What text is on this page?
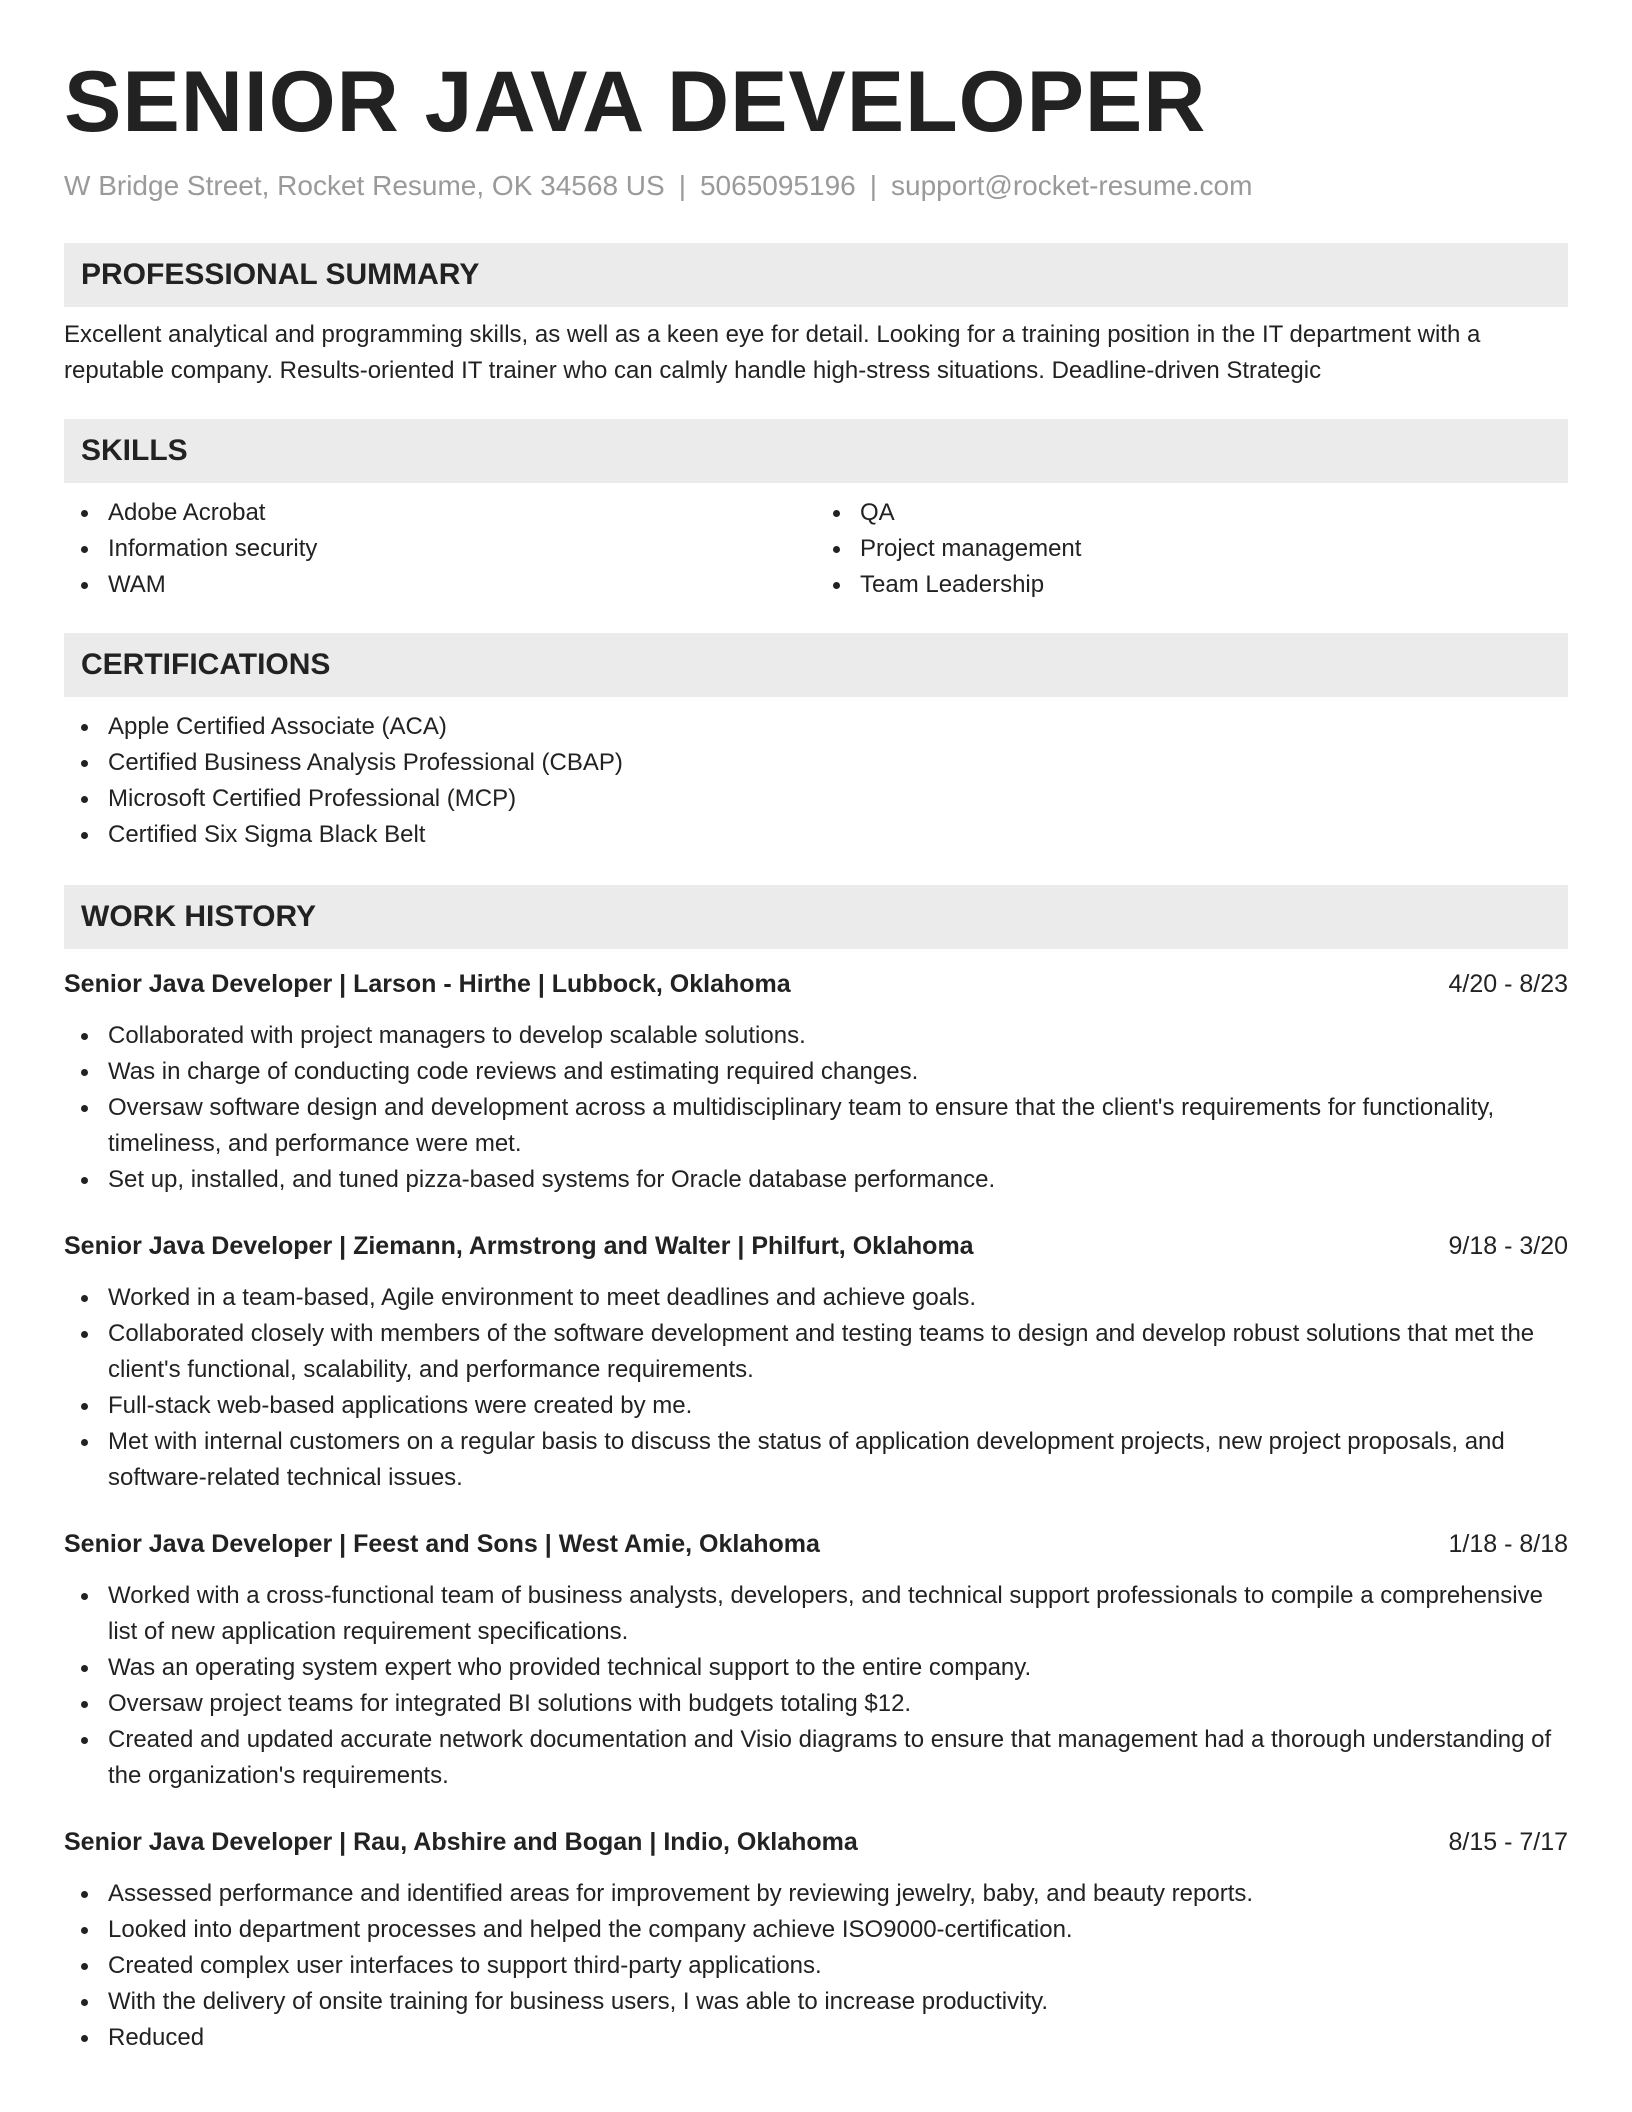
SENIOR JAVA DEVELOPER
W Bridge Street, Rocket Resume, OK 34568 US | 5065095196 | support@rocket-resume.com
PROFESSIONAL SUMMARY
Excellent analytical and programming skills, as well as a keen eye for detail. Looking for a training position in the IT department with a reputable company. Results-oriented IT trainer who can calmly handle high-stress situations. Deadline-driven Strategic
SKILLS
Adobe Acrobat
Information security
WAM
QA
Project management
Team Leadership
CERTIFICATIONS
Apple Certified Associate (ACA)
Certified Business Analysis Professional (CBAP)
Microsoft Certified Professional (MCP)
Certified Six Sigma Black Belt
WORK HISTORY
Senior Java Developer | Larson - Hirthe | Lubbock, Oklahoma	4/20 - 8/23
Collaborated with project managers to develop scalable solutions.
Was in charge of conducting code reviews and estimating required changes.
Oversaw software design and development across a multidisciplinary team to ensure that the client's requirements for functionality, timeliness, and performance were met.
Set up, installed, and tuned pizza-based systems for Oracle database performance.
Senior Java Developer | Ziemann, Armstrong and Walter | Philfurt, Oklahoma	9/18 - 3/20
Worked in a team-based, Agile environment to meet deadlines and achieve goals.
Collaborated closely with members of the software development and testing teams to design and develop robust solutions that met the client's functional, scalability, and performance requirements.
Full-stack web-based applications were created by me.
Met with internal customers on a regular basis to discuss the status of application development projects, new project proposals, and software-related technical issues.
Senior Java Developer | Feest and Sons | West Amie, Oklahoma	1/18 - 8/18
Worked with a cross-functional team of business analysts, developers, and technical support professionals to compile a comprehensive list of new application requirement specifications.
Was an operating system expert who provided technical support to the entire company.
Oversaw project teams for integrated BI solutions with budgets totaling $12.
Created and updated accurate network documentation and Visio diagrams to ensure that management had a thorough understanding of the organization's requirements.
Senior Java Developer | Rau, Abshire and Bogan | Indio, Oklahoma	8/15 - 7/17
Assessed performance and identified areas for improvement by reviewing jewelry, baby, and beauty reports.
Looked into department processes and helped the company achieve ISO9000-certification.
Created complex user interfaces to support third-party applications.
With the delivery of onsite training for business users, I was able to increase productivity.
Reduced
